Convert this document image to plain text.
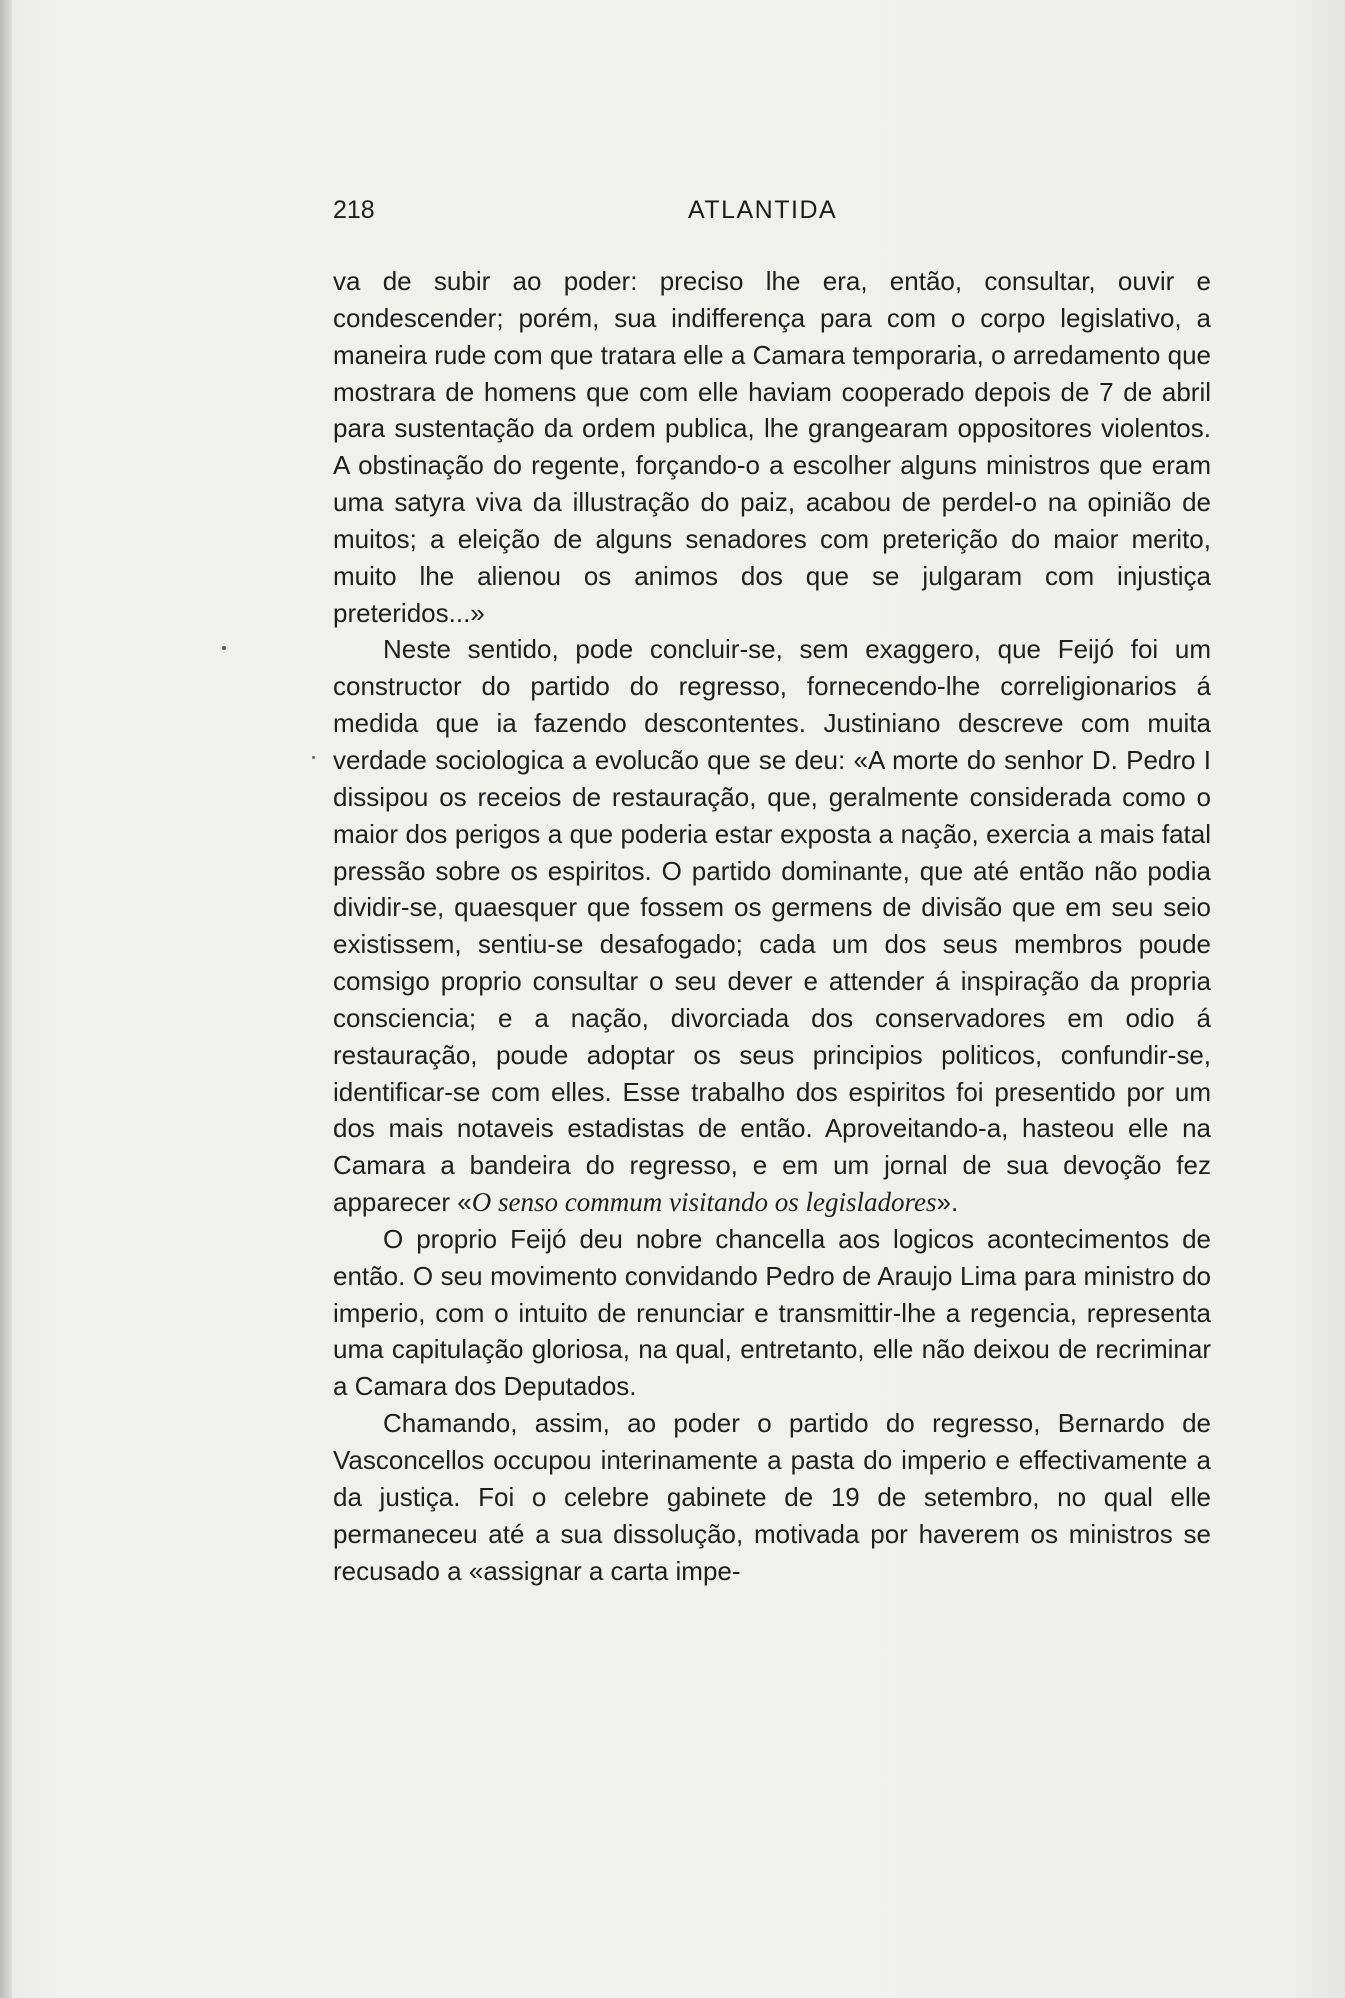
218	ATLANTIDA

va de subir ao poder: preciso lhe era, então, consultar, ouvir e condescender; porém, sua indifferença para com o corpo legislativo, a maneira rude com que tratara elle a Camara temporaria, o arredamento que mostrara de homens que com elle haviam cooperado depois de 7 de abril para sustentação da ordem publica, lhe grangearam oppositores violentos. A obstinação do regente, forçando-o a escolher alguns ministros que eram uma satyra viva da illustração do paiz, acabou de perdel-o na opinião de muitos; a eleição de alguns senadores com preterição do maior merito, muito lhe alienou os animos dos que se julgaram com injustiça preteridos...»

Neste sentido, pode concluir-se, sem exaggero, que Feijó foi um constructor do partido do regresso, fornecendo-lhe correligionarios á medida que ia fazendo descontentes. Justiniano descreve com muita verdade sociologica a evolucão que se deu: «A morte do senhor D. Pedro I dissipou os receios de restauração, que, geralmente considerada como o maior dos perigos a que poderia estar exposta a nação, exercia a mais fatal pressão sobre os espiritos. O partido dominante, que até então não podia dividir-se, quaesquer que fossem os germens de divisão que em seu seio existissem, sentiu-se desafogado; cada um dos seus membros poude comsigo proprio consultar o seu dever e attender á inspiração da propria consciencia; e a nação, divorciada dos conservadores em odio á restauração, poude adoptar os seus principios politicos, confundir-se, identificar-se com elles. Esse trabalho dos espiritos foi presentido por um dos mais notaveis estadistas de então. Aproveitando-a, hasteou elle na Camara a bandeira do regresso, e em um jornal de sua devoção fez apparecer «O senso commum visitando os legisladores».

O proprio Feijó deu nobre chancella aos logicos acontecimentos de então. O seu movimento convidando Pedro de Araujo Lima para ministro do imperio, com o intuito de renunciar e transmittir-lhe a regencia, representa uma capitulação gloriosa, na qual, entretanto, elle não deixou de recriminar a Camara dos Deputados.

Chamando, assim, ao poder o partido do regresso, Bernardo de Vasconcellos occupou interinamente a pasta do imperio e effectivamente a da justiça. Foi o celebre gabinete de 19 de setembro, no qual elle permaneceu até a sua dissolução, motivada por haverem os ministros se recusado a «assignar a carta impe-
